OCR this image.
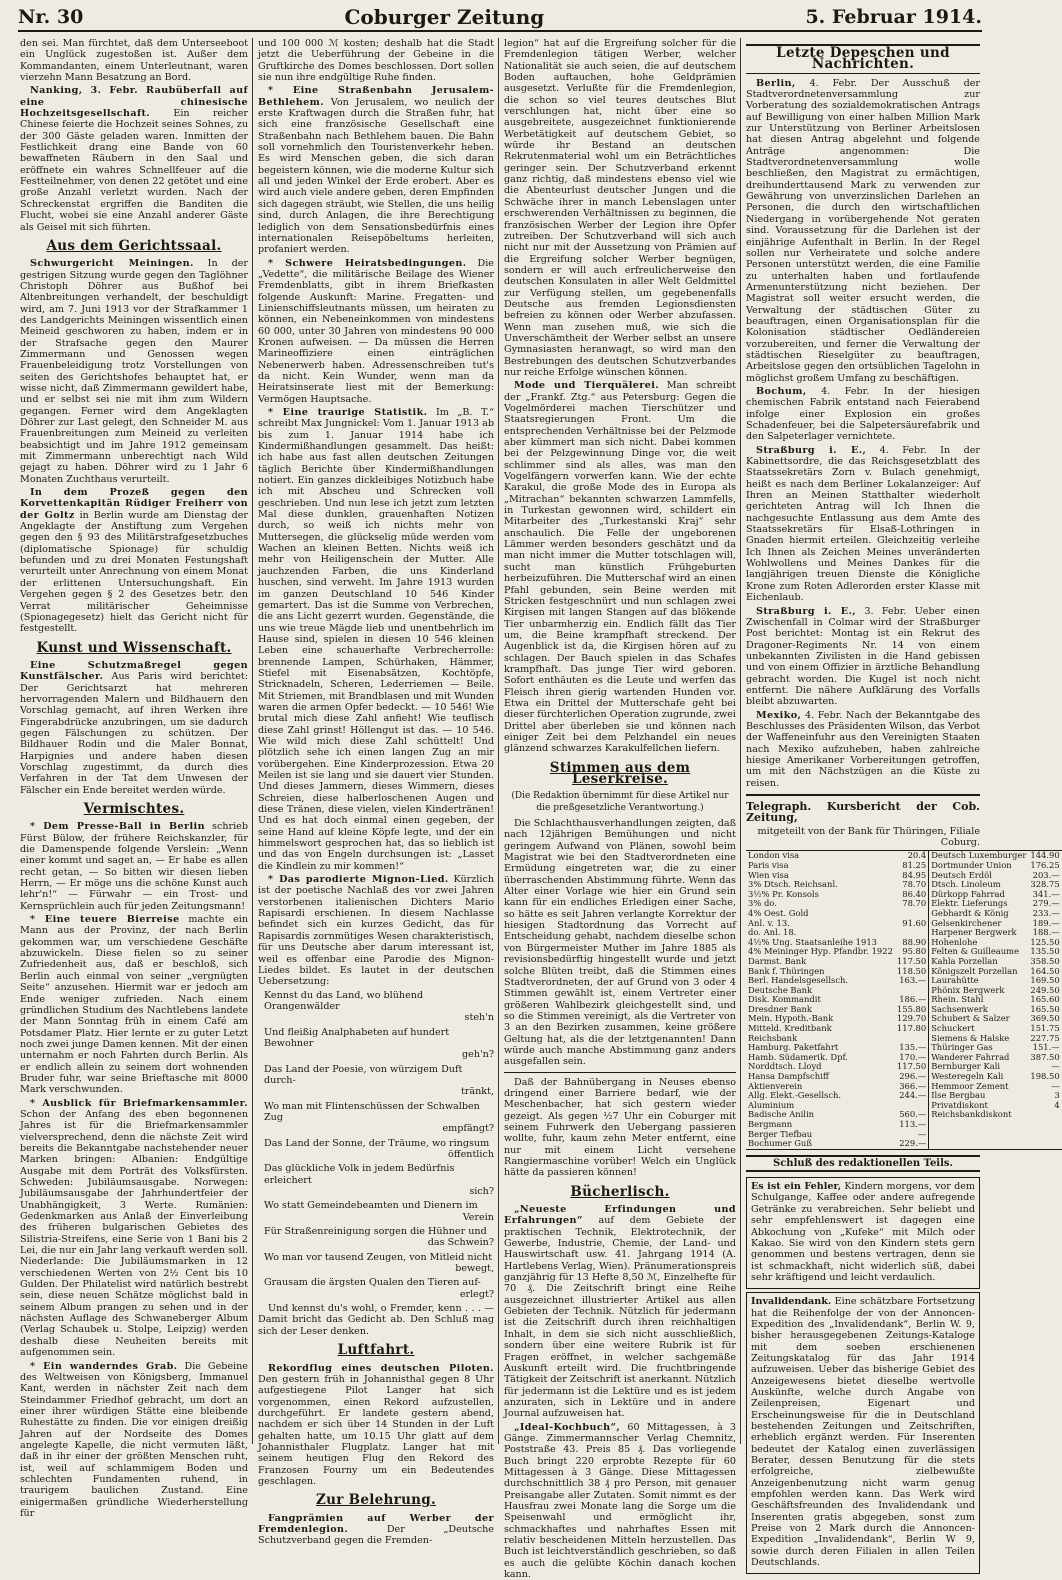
Nr. 30	Coburger Zeitung	5. Februar 1914.

den sei. Man fürchtet, daß dem Unterseeboot ein Unglück zugestoßen ist. Außer dem Kommandanten, einem Unterleutnant, waren vierzehn Mann Besatzung an Bord.

Nanking, 3. Febr. Raubüberfall auf eine chinesische Hochzeitsgesellschaft. Ein reicher Chinese feierte die Hochzeit seines Sohnes, zu der 300 Gäste geladen waren. Inmitten der Festlichkeit drang eine Bande von 60 bewaffneten Räubern in den Saal und eröffnete ein wahres Schnellfeuer auf die Festteilnehmer, von denen 22 getötet und eine große Anzahl verletzt wurden. Nach der Schreckenstat ergriffen die Banditen die Flucht, wobei sie eine Anzahl anderer Gäste als Geisel mit sich führten.

Aus dem Gerichtssaal.

Schwurgericht Meiningen. In der gestrigen Sitzung wurde gegen den Taglöhner Christoph Döhrer aus Bußhof bei Altenbreitungen verhandelt, der beschuldigt wird, am 7. Juni 1913 vor der Strafkammer 1 des Landgerichts Meiningen wissentlich einen Meineid geschworen zu haben, indem er in der Strafsache gegen den Maurer Zimmermann und Genossen wegen Frauenbeleidigung trotz Vorstellungen von seiten des Gerichtshofes behauptet hat, er wisse nicht, daß Zimmermann gewildert habe, und er selbst sei nie mit ihm zum Wildern gegangen. Ferner wird dem Angeklagten Döhrer zur Last gelegt, den Schneider M. aus Frauenbreitungen zum Meineid zu verleiten beabsichtigt und im Jahre 1912 gemeinsam mit Zimmermann unberechtigt nach Wild gejagt zu haben. Döhrer wird zu 1 Jahr 6 Monaten Zuchthaus verurteilt.

In dem Prozeß gegen den Korvettenkapitän Rüdiger Freiherr von der Goltz in Berlin wurde am Dienstag der Angeklagte der Anstiftung zum Vergehen gegen den § 93 des Militärstrafgesetzbuches (diplomatische Spionage) für schuldig befunden und zu drei Monaten Festungshaft verurteilt unter Anrechnung von einem Monat der erlittenen Untersuchungshaft. Ein Vergehen gegen § 2 des Gesetzes betr. den Verrat militärischer Geheimnisse (Spionagegesetz) hielt das Gericht nicht für festgestellt.

Kunst und Wissenschaft.

Eine Schutzmaßregel gegen Kunstfälscher. Aus Paris wird berichtet: Der Gerichtsarzt hat mehreren hervorragenden Malern und Bildhauern den Vorschlag gemacht, auf ihren Werken ihre Fingerabdrücke anzubringen, um sie dadurch gegen Fälschungen zu schützen. Der Bildhauer Rodin und die Maler Bonnat, Harpignies und andere haben diesen Vorschlag zugestimmt, da durch dies Verfahren in der Tat dem Unwesen der Fälscher ein Ende bereitet werden würde.

Vermischtes.

* Dem Presse-Ball in Berlin schrieb Fürst Bülow, der frühere Reichskanzler, für die Damenspende folgende Verslein: „Wenn einer kommt und saget an, — Er habe es allen recht getan, — So bitten wir diesen lieben Herrn, — Er möge uns die schöne Kunst auch lehr'n!“ — Fürwahr — ein Trost- und Kernsprüchlein auch für jeden Zeitungsmann!

* Eine teuere Bierreise machte ein Mann aus der Provinz, der nach Berlin gekommen war, um verschiedene Geschäfte abzuwickeln. Diese fielen so zu seiner Zufriedenheit aus, daß er beschloß, sich Berlin auch einmal von seiner „vergnügten Seite“ anzusehen. Hiermit war er jedoch am Ende weniger zufrieden. Nach einem gründlichen Studium des Nachtlebens landete der Mann Sonntag früh in einem Café am Potsdamer Platz. Hier lernte er zu guter Letzt noch zwei junge Damen kennen. Mit der einen unternahm er noch Fahrten durch Berlin. Als er endlich allein zu seinem dort wohnenden Bruder fuhr, war seine Brieftasche mit 8000 Mark verschwunden.

* Ausblick für Briefmarkensammler. Schon der Anfang des eben begonnenen Jahres ist für die Briefmarkensammler vielversprechend, denn die nächste Zeit wird bereits die Bekanntgabe nachstehender neuer Marken bringen: Albanien: Endgültige Ausgabe mit dem Porträt des Volksfürsten. Schweden: Jubiläumsausgabe. Norwegen: Jubiläumsausgabe der Jahrhundertfeier der Unabhängigkeit, 3 Werte. Rumänien: Gedenkmarken aus Anlaß der Einverleibung des früheren bulgarischen Gebietes des Silistria-Streifens, eine Serie von 1 Bani bis 2 Lei, die nur ein Jahr lang verkauft werden soll. Niederlande: Die Jubiläumsmarken in 12 verschiedenen Werten von 2½ Cent bis 10 Gulden. Der Philatelist wird natürlich bestrebt sein, diese neuen Schätze möglichst bald in seinem Album prangen zu sehen und in der nächsten Auflage des Schwaneberger Album (Verlag Schaubek u. Stolpe, Leipzig) werden deshalb diese Neuheiten bereits mit aufgenommen sein.

* Ein wanderndes Grab. Die Gebeine des Weltweisen von Königsberg, Immanuel Kant, werden in nächster Zeit nach dem Steindammer Friedhof gebracht, um dort an einer ihrer würdigen Stätte eine bleibende Ruhestätte zu finden. Die vor einigen dreißig Jahren auf der Nordseite des Domes angelegte Kapelle, die nicht vermuten läßt, daß in ihr einer der größten Menschen ruht, ist, weil auf schlammigem Boden und schlechten Fundamenten ruhend, in traurigem baulichen Zustand. Eine einigermaßen gründliche Wiederherstellung für

und 100 000 ℳ kosten; deshalb hat die Stadt jetzt die Ueberführung der Gebeine in die Gruftkirche des Domes beschlossen. Dort sollen sie nun ihre endgültige Ruhe finden.

* Eine Straßenbahn Jerusalem-Bethlehem. Von Jerusalem, wo neulich der erste Kraftwagen durch die Straßen fuhr, hat sich eine französische Gesellschaft eine Straßenbahn nach Bethlehem bauen. Die Bahn soll vornehmlich den Touristenverkehr heben. Es wird Menschen geben, die sich daran begeistern können, wie die moderne Kultur sich all und jeden Winkel der Erde erobert. Aber es wird auch viele andere geben, deren Empfinden sich dagegen sträubt, wie Stellen, die uns heilig sind, durch Anlagen, die ihre Berechtigung lediglich von dem Sensationsbedürfnis eines internationalen Reisepöbeltums herleiten, profaniert werden.

* Schwere Heiratsbedingungen. Die „Vedette“, die militärische Beilage des Wiener Fremdenblatts, gibt in ihrem Briefkasten folgende Auskunft: Marine. Fregatten- und Linienschiffsleutnants müssen, um heiraten zu können, ein Nebeneinkommen von mindestens 60 000, unter 30 Jahren von mindestens 90 000 Kronen aufweisen. — Da müssen die Herren Marineoffiziere einen einträglichen Nebenerwerb haben. Adressenschreiben tut's da nicht. Kein Wunder, wenn man da Heiratsinserate liest mit der Bemerkung: Vermögen Hauptsache.

* Eine traurige Statistik. Im „B. T.“ schreibt Max Jungnickel: Vom 1. Januar 1913 ab bis zum 1. Januar 1914 habe ich Kindermißhandlungen gesammelt. Das heißt: ich habe aus fast allen deutschen Zeitungen täglich Berichte über Kindermißhandlungen notiert. Ein ganzes dickleibiges Notizbuch habe ich mit Abscheu und Schrecken voll geschrieben. Und nun lese ich jetzt zum letzten Mal diese dunklen, grauenhaften Notizen durch, so weiß ich nichts mehr von Muttersegen, die glückselig müde werden vom Wachen an kleinen Betten. Nichts weiß ich mehr von Heiligenschein der Mutter. Alle jauchzenden Farben, die uns Kinderland huschen, sind verweht. Im Jahre 1913 wurden im ganzen Deutschland 10 546 Kinder gemartert. Das ist die Summe von Verbrechen, die ans Licht gezerrt wurden. Gegenstände, die uns wie treue Mägde lieb und unentbehrlich im Hause sind, spielen in diesen 10 546 kleinen Leben eine schauerhafte Verbrecherrolle: brennende Lampen, Schürhaken, Hämmer, Stiefel mit Eisenabsätzen, Kochtöpfe, Stricknadeln, Scheren, Lederriemen — Beile. Mit Striemen, mit Brandblasen und mit Wunden waren die armen Opfer bedeckt. — 10 546! Wie brutal mich diese Zahl anfieht! Wie teuflisch diese Zahl grinst! Höllengut ist das. — 10 546. Wie wild mich diese Zahl schüttelt! Und plötzlich sehe ich einen langen Zug an mir vorübergehen. Eine Kinderprozession. Etwa 20 Meilen ist sie lang und sie dauert vier Stunden. Und dieses Jammern, dieses Wimmern, dieses Schreien, diese halberloschenen Augen und diese Tränen, diese vielen, vielen Kindertränen! Und es hat doch einmal einen gegeben, der seine Hand auf kleine Köpfe legte, und der ein himmelswort gesprochen hat, das so lieblich ist und das von Engeln durchsungen ist: „Lasset die Kindlein zu mir kommen!“

* Das parodierte Mignon-Lied. Kürzlich ist der poetische Nachlaß des vor zwei Jahren verstorbenen italienischen Dichters Mario Rapisardi erschienen. In diesem Nachlasse befindet sich ein kurzes Gedicht, das für Rapisardis zornmütiges Wesen charakteristisch, für uns Deutsche aber darum interessant ist, weil es offenbar eine Parodie des Mignon-Liedes bildet. Es lautet in der deutschen Uebersetzung:

Kennst du das Land, wo blühend Orangenwälder
steh'n

Und fleißig Analphabeten auf hundert Bewohner
geh'n?

Das Land der Poesie, von würzigem Duft durch-
tränkt,

Wo man mit Flintenschüssen der Schwalben Zug
empfängt?

Das Land der Sonne, der Träume, wo ringsum
öffentlich

Das glückliche Volk in jedem Bedürfnis erleichert
sich?

Wo statt Gemeindebeamten und Dienern im
Verein

Für Straßenreinigung sorgen die Hühner und
das Schwein?

Wo man vor tausend Zeugen, von Mitleid nicht
bewegt,

Grausam die ärgsten Qualen den Tieren auf-
erlegt?

Und kennst du's wohl, o Fremder, kenn . . . — Damit bricht das Gedicht ab. Den Schluß mag sich der Leser denken.

Luftfahrt.

Rekordflug eines deutschen Piloten. Den gestern früh in Johannisthal gegen 8 Uhr aufgestiegene Pilot Langer hat sich vorgenommen, einen Rekord aufzustellen, durchgeführt. Er landete gestern abend, nachdem er sich über 14 Stunden in der Luft gehalten hatte, um 10.15 Uhr glatt auf dem Johannisthaler Flugplatz. Langer hat mit seinem heutigen Flug den Rekord des Franzosen Fourny um ein Bedeutendes geschlagen.

Zur Belehrung.

Fangprämien auf Werber der Fremdenlegion.	Der „Deutsche Schutzverband gegen die Fremden-

legion“ hat auf die Ergreifung solcher für die Fremdenlegion tätigen Werber, welcher Nationalität sie auch seien, die auf deutschem Boden auftauchen, hohe Geldprämien ausgesetzt. Verlußte für die Fremdenlegion, die schon so viel teures deutsches Blut verschlungen hat, nicht über eine so ausgebreitete, ausgezeichnet funktionierende Werbetätigkeit auf deutschem Gebiet, so würde ihr Bestand an deutschen Rekrutenmaterial wohl um ein Beträchtliches geringer sein. Der Schutzverband erkennt ganz richtig, daß mindestens ebenso viel wie die Abenteurlust deutscher Jungen und die Schwäche ihrer in manch Lebenslagen unter erschwerenden Verhältnissen zu beginnen, die französischen Werber der Legion ihre Opfer zutreiben. Der Schutzverband will sich auch nicht nur mit der Aussetzung von Prämien auf die Ergreifung solcher Werber begnügen, sondern er will auch erfreulicherweise den deutschen Konsulaten in aller Welt Geldmittel zur Verfügung stellen, um gegebenenfalls Deutsche aus fremden Legionsdiensten befreien zu können oder Werber abzufassen. Wenn man zusehen muß, wie sich die Unverschämtheit der Werber selbst an unsere Gymnasiasten heranwagt, so wird man den Bestrebungen des deutschen Schutzverbandes nur reiche Erfolge wünschen können.

Mode und Tierquälerei. Man schreibt der „Frankf. Ztg.“ aus Petersburg: Gegen die Vogelmörderei machen Tierschützer und Staatsregierungen Front. Um die entsprechenden Verhältnisse bei der Pelzmode aber kümmert man sich nicht. Dabei kommen bei der Pelzgewinnung Dinge vor, die weit schlimmer sind als alles, was man den Vogelfängern vorwerfen kann. Wie der echte Karakul, die große Mode des in Europa als „Mitrachan“ bekannten schwarzen Lammfells, in Turkestan gewonnen wird, schildert ein Mitarbeiter des „Turkestanski Kraj“ sehr anschaulich. Die Felle der ungeborenen Lämmer werden besonders geschätzt und da man nicht immer die Mutter totschlagen will, sucht man künstlich Frühgeburten herbeizuführen. Die Mutterschaf wird an einen Pfahl gebunden, sein Beine werden mit Stricken festgeschnürt und nun schlagen zwei Kirgisen mit langen Stangen auf das blökende Tier unbarmherzig ein. Endlich fällt das Tier um, die Beine krampfhaft streckend. Der Augenblick ist da, die Kirgisen hören auf zu schlagen. Der Bauch spielen in das Schafes krampfhaft. Das junge Tier wird geboren. Sofort enthäuten es die Leute und werfen das Fleisch ihren gierig wartenden Hunden vor. Etwa ein Drittel der Mutterschafe geht bei dieser fürchterlichen Operation zugrunde, zwei Drittel aber überleben sie und können nach einiger Zeit bei dem Pelzhandel ein neues glänzend schwarzes Karakulfellchen liefern.

Stimmen aus dem Leserkreise.
(Die Redaktion übernimmt für diese Artikel nur die preßgesetzliche Verantwortung.)

Die Schlachthausverhandlungen zeigten, daß nach 12jährigen Bemühungen und nicht geringem Aufwand von Plänen, sowohl beim Magistrat wie bei den Stadtverordneten eine Ermüdung eingetreten war, die zu einer überraschenden Abstimmung führte. Wenn das Alter einer Vorlage wie hier ein Grund sein kann für ein endliches Erledigen einer Sache, so hätte es seit Jahren verlangte Korrektur der hiesigen Stadtordnung das Vorrecht auf Entscheidung gehabt, nachdem dieselbe schon von Bürgermeister Muther im Jahre 1885 als revisionsbedürftig hingestellt wurde und jetzt solche Blüten treibt, daß die Stimmen eines Stadtverordneten, der auf Grund von 3 oder 4 Stimmen gewählt ist, einem Vertreter einer größeren Wahlbezirk gleichgestellt sind, und so die Stimmen vereinigt, als die Vertreter von 3 an den Bezirken zusammen, keine größere Geltung hat, als die der letztgenannten! Dann würde auch manche Abstimmung ganz anders ausgefallen sein.

Daß der Bahnübergang in Neuses ebenso dringend einer Barriere bedarf, wie der Meschenbacher, hat sich gestern wieder gezeigt. Als gegen ½7 Uhr ein Coburger mit seinem Fuhrwerk den Uebergang passieren wollte, fuhr, kaum zehn Meter entfernt, eine nur mit einem Licht versehene Rangiermaschine vorüber! Welch ein Unglück hätte da passieren können!

Bücherlisch.

„Neueste Erfindungen und Erfahrungen“ auf dem Gebiete der praktischen Technik, Elektrotechnik, der Gewerbe, Industrie, Chemie, der Land- und Hauswirtschaft usw. 41. Jahrgang 1914 (A. Hartlebens Verlag, Wien). Pränumerationspreis ganzjährig für 13 Hefte 8,50 ℳ, Einzelhefte für 70 ₰. Die Zeitschrift bringt eine Reihe ausgezeichnet illustrierter Artikel aus allen Gebieten der Technik. Nützlich für jedermann ist die Zeitschrift durch ihren reichhaltigen Inhalt, in dem sie sich nicht ausschließlich, sondern über eine weitere Rubrik ist für Fragen eröffnet, in welcher sachgemäße Auskunft erteilt wird. Die fruchtbringende Tätigkeit der Zeitschrift ist anerkannt. Nützlich für jedermann ist die Lektüre und es ist jedem anzuraten, sich in Lektüre und in andere Journal aufzuweisen hat.

„Ideal-Kochbuch“, 60 Mittagessen, à 3 Gänge. Zimmermannscher Verlag Chemnitz, Poststraße 43. Preis 85 ₰. Das vorliegende Buch bringt 220 erprobte Rezepte für 60 Mittagessen à 3 Gänge. Diese Mittagessen durchschnittlich 38 ₰ pro Person, mit genauer Preisangabe aller Zutaten. Somit nimmt es der Hausfrau zwei Monate lang die Sorge um die Speisenwahl und ermöglicht ihr, schmackhaftes und nahrhaftes Essen mit relativ bescheidenen Mitteln herzustellen. Das Buch ist leichtverständlich geschrieben, so daß es auch die gelübte Köchin danach kochen kann.

Letzte Depeschen und Nachrichten.

Berlin, 4. Febr. Der Ausschuß der Stadtverordnetenversammlung zur Vorberatung des sozialdemokratischen Antrags auf Bewilligung von einer halben Million Mark zur Unterstützung von Berliner Arbeitslosen hat diesen Antrag abgelehnt und folgende Anträge angenommen: Die Stadtverordnetenversammlung wolle beschließen, den Magistrat zu ermächtigen, dreihunderttausend Mark zu verwenden zur Gewährung von unverzinslichen Darlehen an Personen, die durch den wirtschaftlichen Niedergang in vorübergehende Not geraten sind. Voraussetzung für die Darlehen ist der einjährige Aufenthalt in Berlin. In der Regel sollen nur Verheiratete und solche andere Personen unterstützt werden, die eine Familie zu unterhalten haben und fortlaufende Armenunterstützung nicht beziehen. Der Magistrat soll weiter ersucht werden, die Verwaltung der städtischen Güter zu beauftragen, einen Organisationsplan für die Kolonisation städtischer Oedländereien vorzubereiten, und ferner die Verwaltung der städtischen Rieselgüter zu beauftragen, Arbeitslose gegen den ortsüblichen Tagelohn in möglichst großem Umfang zu beschäftigen.

Bochum, 4. Febr. In der hiesigen chemischen Fabrik entstand nach Feierabend infolge einer Explosion ein großes Schadenfeuer, bei die Salpetersäurefabrik und den Salpeterlager vernichtete.

Straßburg i. E., 4. Febr. In der Kabinettsordre, die das Reichsgesetzblatt des Staatssekretärs Zorn v. Bulach genehmigt, heißt es nach dem Berliner Lokalanzeiger: Auf Ihren an Meinen Statthalter wiederholt gerichteten Antrag will Ich Ihnen die nachgesuchte Entlassung aus dem Amte des Staatssekretärs für Elsaß-Lothringen in Gnaden hiermit erteilen. Gleichzeitig verleihe Ich Ihnen als Zeichen Meines unveränderten Wohlwollens und Meines Dankes für die langjährigen treuen Dienste die Königliche Krone zum Roten Adlerorden erster Klasse mit Eichenlaub.

Straßburg i. E., 3. Febr. Ueber einen Zwischenfall in Colmar wird der Straßburger Post berichtet: Montag ist ein Rekrut des Dragoner-Regiments Nr. 14 von einem unbekannten Zivilisten in die Hand gebissen und von einem Offizier in ärztliche Behandlung gebracht worden. Die Kugel ist noch nicht entfernt. Die nähere Aufklärung des Vorfalls bleibt abzuwarten.

Mexiko, 4. Febr. Nach der Bekanntgabe des Beschlusses des Präsidenten Wilson, das Verbot der Waffeneinfuhr aus den Vereinigten Staaten nach Mexiko aufzuheben, haben zahlreiche hiesige Amerikaner Vorbereitungen getroffen, um mit den Nächstzügen an die Küste zu reisen.

Telegraph. Kursbericht der Cob. Zeitung,
mitgeteilt von der Bank für Thüringen, Filiale Coburg.
London visa	20.4	Deutsch Luxemburger	144.90
Paris visa	81.25	Dortmunder Union	176.25
Wien visa	84.95	Deutsch Erdöl	203.—
3% Dtsch. Reichsanl.	78.70	Dtsch. Linoleum	328.75
3½% Pr. Konsols	86.40	Dürkopp Fahrrad	341.—
3% do.	78.70	Elektr. Lieferungs	279.—
4% Oest. Gold		Gebhardt & König	233.—
Anl. v. 13.	91.60	Gelsenkirchener	189.—
do. Anl. 18.		Harpener Bergwerk	188.—
4½% Ung. Staatsanleihe 1913	88.90	Hohenlohe	125.50
4% Meininger Hyp. Pfandbr. 1922	95.80	Felten & Guilleaume	135.50
Darmst. Bank	117.50	Kahla Porzellan	358.50
Bank f. Thüringen	118.50	Königszelt Porzellan	164.50
Berl. Handelsgesellsch.	163.—	Laurahütte	169.50
Deutsche Bank		Phönix Bergwerk	249.50
Disk. Kommandit	186.—	Rhein. Stahl	165.60
Dresdner Bank	155.80	Sachsenwerk	165.50
Mein. Hypoth.-Bank	129.70	Schubert & Salzer	369.50
Mitteld. Kreditbank	117.80	Schuckert	151.75
Reichsbank		Siemens & Halske	227.75
Hamburg. Paketfahrt	135.—	Thüringer Gas	151.—
Hamb. Südamerik. Dpf.	170.—	Wanderer Fahrrad	387.50
Norddtsch. Lloyd	117.50	Bernburger Kali	—
Hansa Dampfschiff	296.—	Westeregeln Kali	198.50
Aktienverein	366.—	Hemmoor Zement	—
Allg. Elekt.-Gesellsch.	244.—	Ilse Bergbau	3
Aluminium		Privatdiskont	4
Badische Anilin	560.—	Reichsbankdiskont	
Bergmann	113.—		
Berger Tiefbau	—		
Bochumer Guß	229.—		
Schluß des redaktionellen Teils.

Es ist ein Fehler, Kindern morgens, vor dem Schulgange, Kaffee oder andere aufregende Getränke zu verabreichen. Sehr beliebt und sehr empfehlenswert ist dagegen eine Abkochung von „Kufeke“ mit Milch oder Kakao. Sie wird von den Kindern stets gern genommen und bestens vertragen, denn sie ist schmackhaft, nicht widerlich süß, dabei sehr kräftigend und leicht verdaulich.

Invalidendank. Eine schätzbare Fortsetzung hat die Reihenfolge der von der Annoncen-Expedition des „Invalidendank“, Berlin W. 9, bisher herausgegebenen Zeitungs-Kataloge mit dem soeben erschienenen Zeitungskatalog für das Jahr 1914 aufzuweisen. Ueber das bisherige Gebiet des Anzeigewesens bietet dieselbe wertvolle Auskünfte, welche durch Angabe von Zeilenpreisen, Eigenart und Erscheinungsweise für die in Deutschland bestehenden Zeitungen und Zeitschriften, erheblich ergänzt werden. Für Inserenten bedeutet der Katalog einen zuverlässigen Berater, dessen Benutzung für die stets erfolgreiche, zielbewußte Anzeigenbenutzung nicht warm genug empfohlen werden kann. Das Werk wird Geschäftsfreunden des Invalidendank und Inserenten gratis abgegeben, sonst zum Preise von 2 Mark durch die Annoncen-Expedition „Invalidendank“, Berlin W 9, sowie durch deren Filialen in allen Teilen Deutschlands.
